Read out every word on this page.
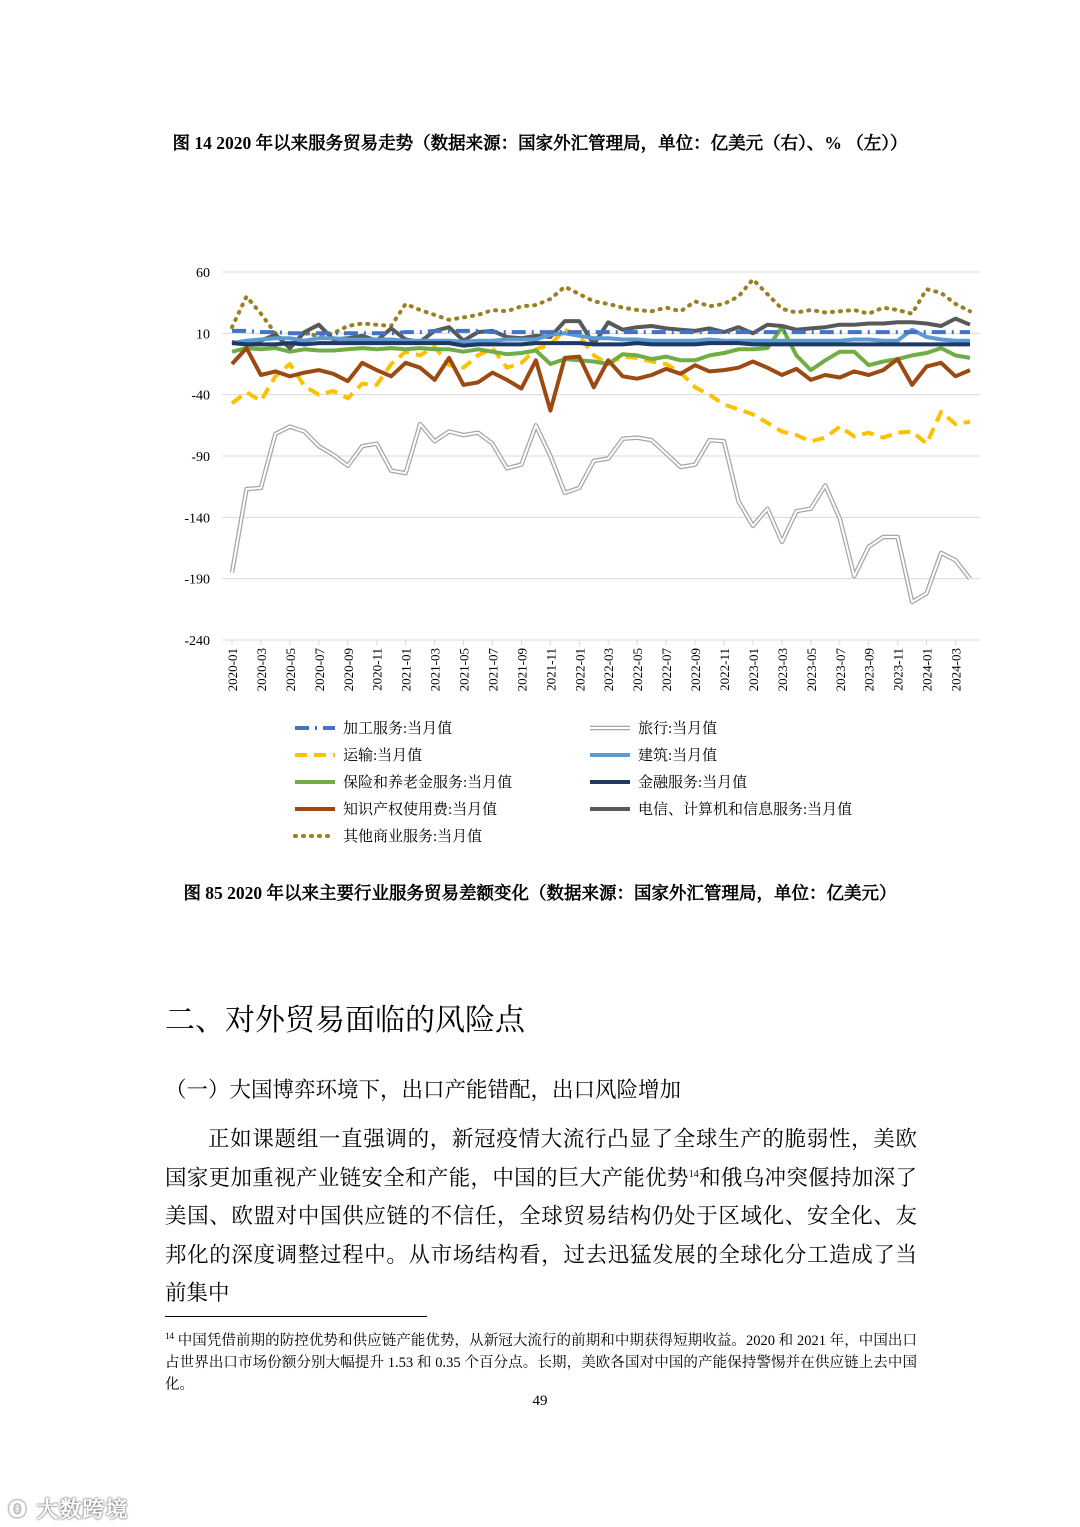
图 14 2020 年以来服务贸易走势（数据来源：国家外汇管理局，单位：亿美元（右）、% （左））
60
10
-40
-90
-140
-190
-240
2020-01 2020-03 2020-05 2020-07 2020-09 2020-11 2021-01 2021-03 2021-05 2021-07 2021-09 2021-11 2022-01 2022-03 2022-05 2022-07 2022-09 2022-11 2023-01 2023-03 2023-05 2023-07 2023-09 2023-11 2024-01 2024-03
加工服务:当月值	旅行:当月值
运输:当月值	建筑:当月值
保险和养老金服务:当月值	金融服务:当月值
知识产权使用费:当月值	电信、计算机和信息服务:当月值
其他商业服务:当月值
图 85 2020 年以来主要行业服务贸易差额变化（数据来源：国家外汇管理局，单位：亿美元）
二、对外贸易面临的风险点
（一）大国博弈环境下，出口产能错配，出口风险增加

正如课题组一直强调的，新冠疫情大流行凸显了全球生产的脆弱性，美欧国家更加重视产业链安全和产能，中国的巨大产能优势$^{14}$和俄乌冲突偃持加深了美国、欧盟对中国供应链的不信任，全球贸易结构仍处于区域化、安全化、友邦化的深度调整过程中。从市场结构看，过去迅猛发展的全球化分工造成了当前集中

$^{14}$ 中国凭借前期的防控优势和供应链产能优势，从新冠大流行的前期和中期获得短期收益。2020 和 2021 年，中国出口占世界出口市场份额分别大幅提升 1.53 和 0.35 个百分点。长期，美欧各国对中国的产能保持警惕并在供应链上去中国化。

49
ʘ 大数跨境
